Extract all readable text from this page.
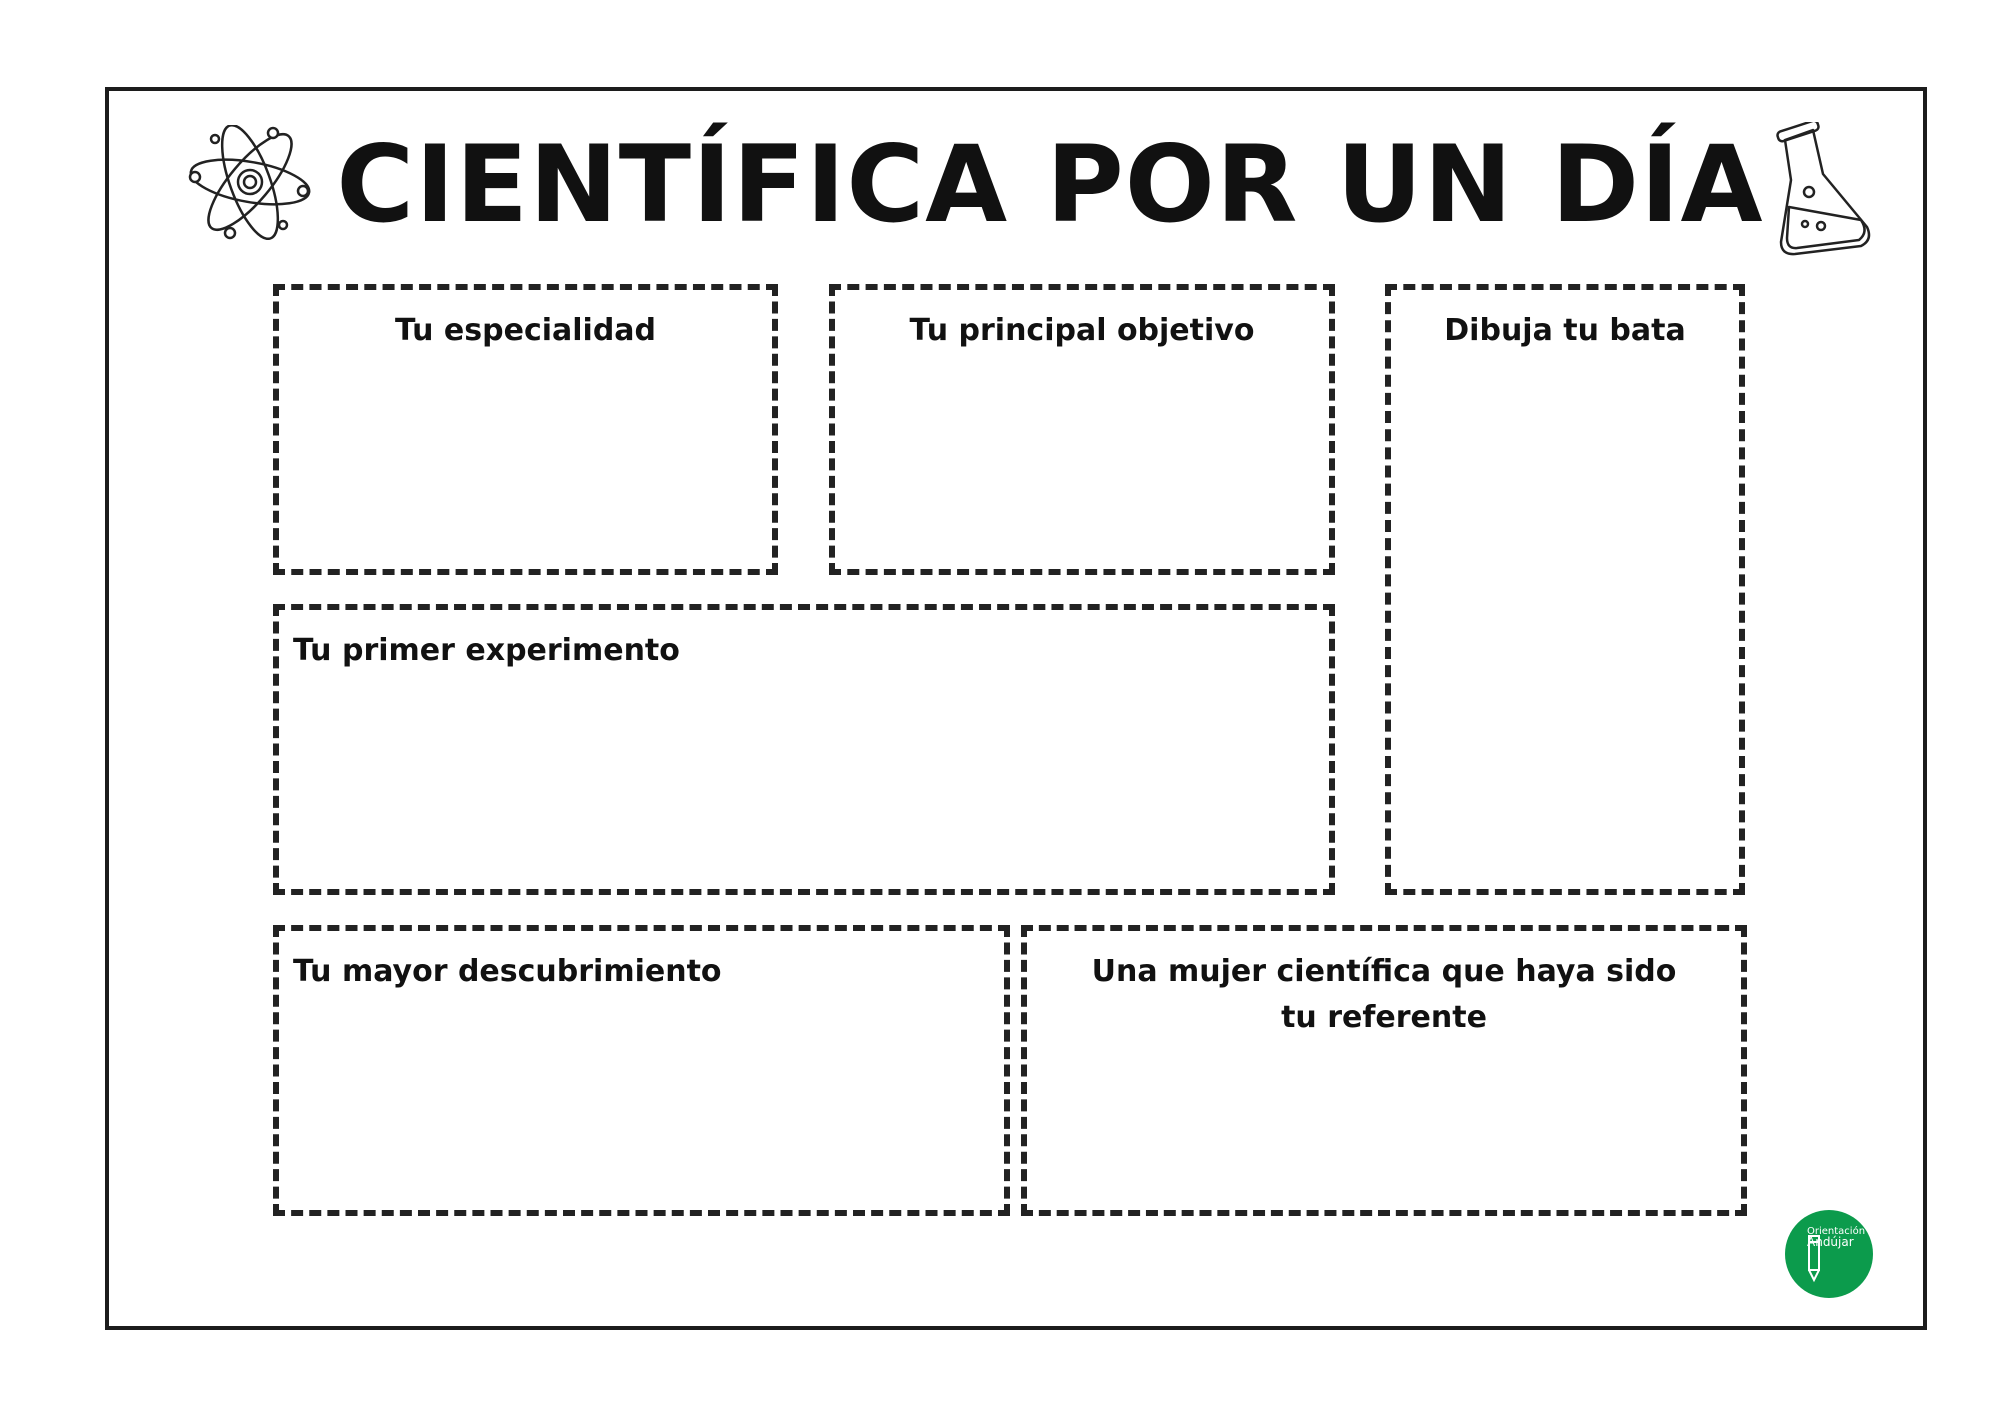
CIENTÍFICA POR UN DÍA
Tu especialidad	Tu principal objetivo	Dibuja tu bata
Tu primer experimento
Tu mayor descubrimiento	Una mujer científica que haya sido tu referente
Orientación
Andújar
